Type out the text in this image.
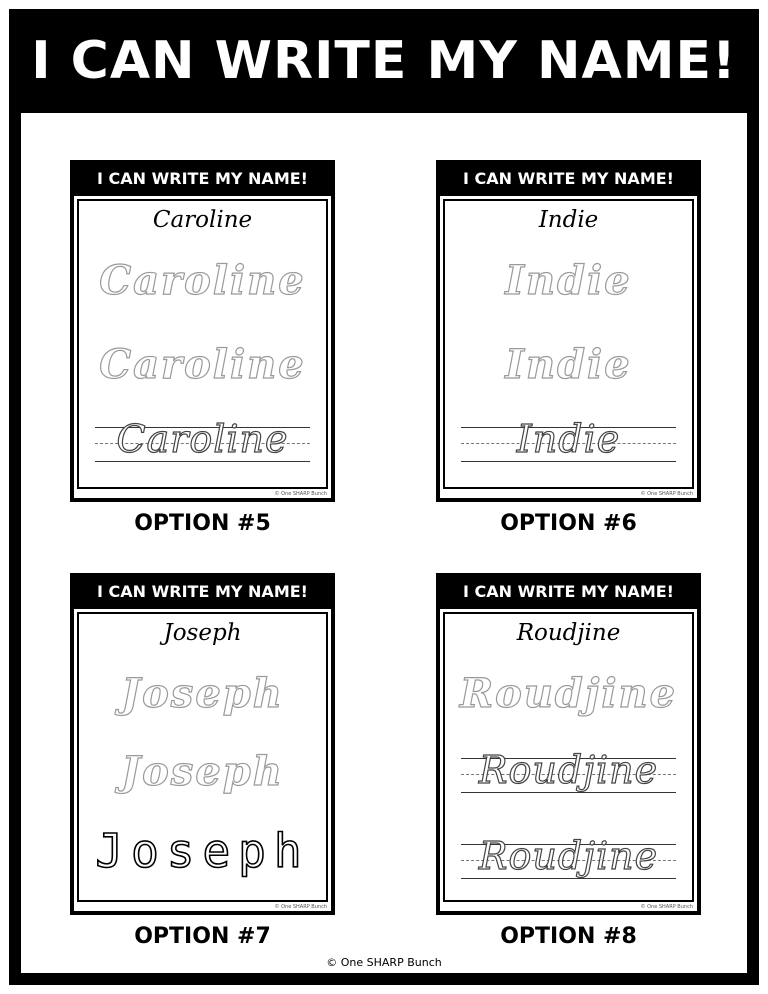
I CAN WRITE MY NAME!
I CAN WRITE MY NAME!
Caroline
Caroline
Caroline
Caroline
© One SHARP Bunch
OPTION #5
I CAN WRITE MY NAME!
Indie
Indie
Indie
Indie
© One SHARP Bunch
OPTION #6
I CAN WRITE MY NAME!
Joseph
Joseph
Joseph
Joseph
© One SHARP Bunch
OPTION #7
I CAN WRITE MY NAME!
Roudjine
Roudjine
Roudjine
Roudjine
© One SHARP Bunch
OPTION #8
© One SHARP Bunch
